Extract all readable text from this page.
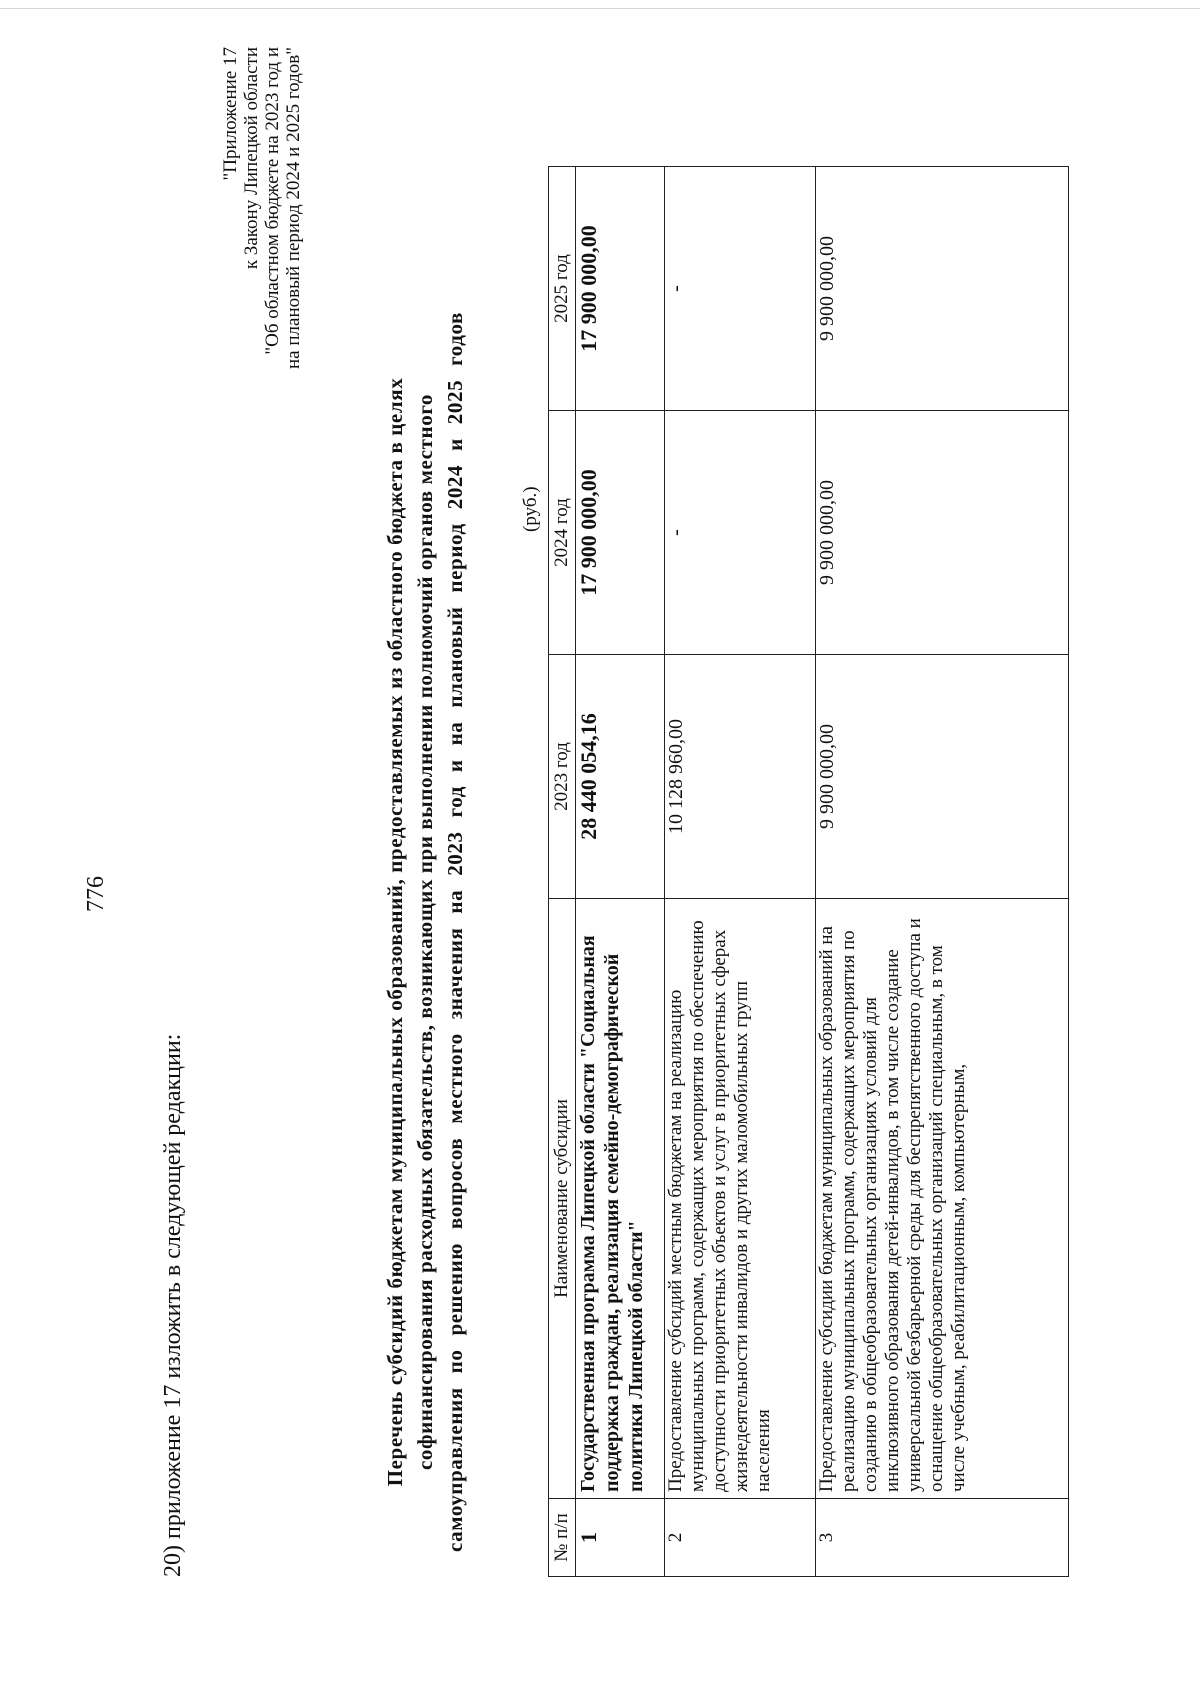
776
20) приложение 17 изложить в следующей редакции:
"Приложение 17 к Закону Липецкой области "Об областном бюджете на 2023 год и на плановый период 2024 и 2025 годов"
Перечень субсидий бюджетам муниципальных образований, предоставляемых из областного бюджета в целях софинансирования расходных обязательств, возникающих при выполнении полномочий органов местного самоуправления по решению вопросов местного значения на 2023 год и на плановый период 2024 и 2025 годов	(руб.)
№ п/п	Наименование субсидии	2023 год	2024 год	2025 год
1	Государственная программа Липецкой области "Социальная поддержка граждан, реализация семейно-демографической политики Липецкой области"	28 440 054,16	17 900 000,00	17 900 000,00
2	Предоставление субсидий местным бюджетам на реализацию муниципальных программ, содержащих мероприятия по обеспечению доступности приоритетных объектов и услуг в приоритетных сферах жизнедеятельности инвалидов и других маломобильных групп населения	10 128 960,00	-	-
3	Предоставление субсидии бюджетам муниципальных образований на реализацию муниципальных программ, содержащих мероприятия по созданию в общеобразовательных организациях условий для инклюзивного образования детей-инвалидов, в том числе создание универсальной безбарьерной среды для беспрепятственного доступа и оснащение общеобразовательных организаций специальным, в том числе учебным, реабилитационным, компьютерным,	9 900 000,00	9 900 000,00	9 900 000,00
